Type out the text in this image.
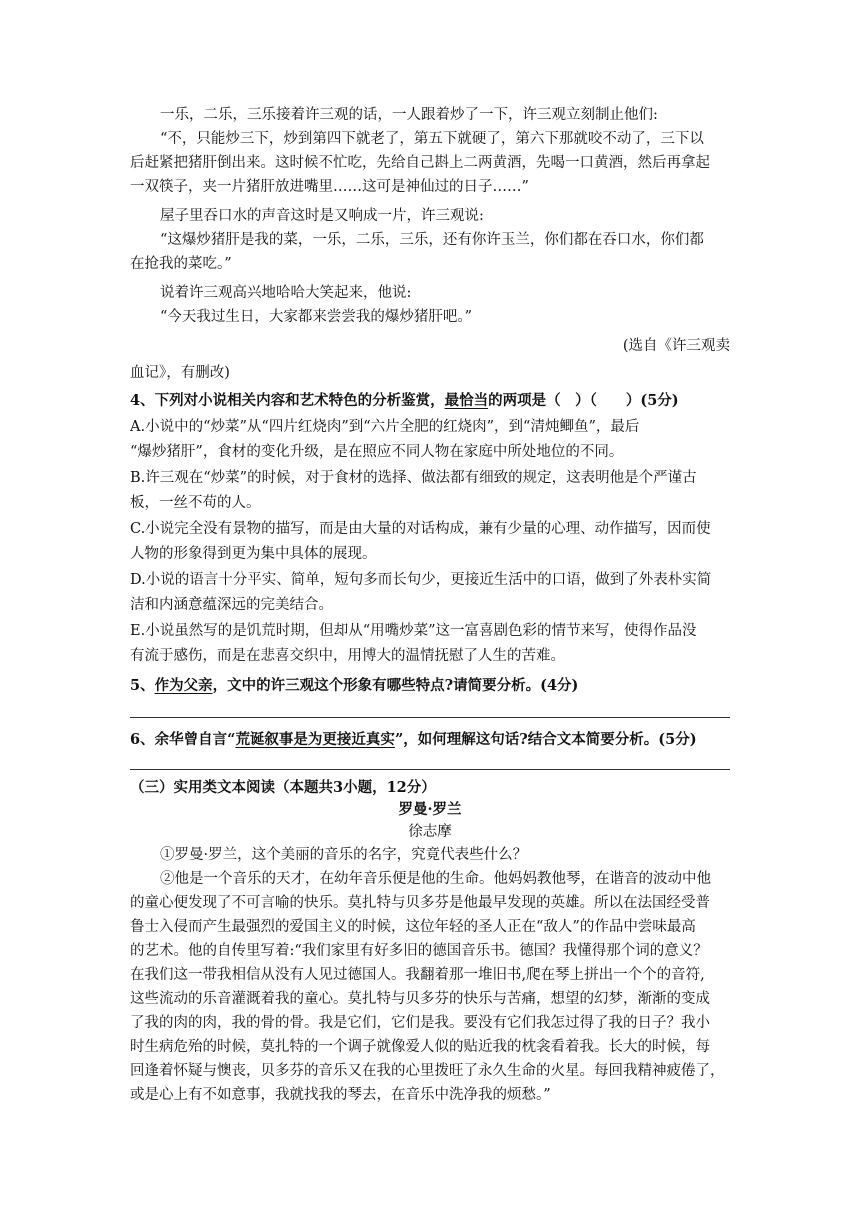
一乐，二乐，三乐接着许三观的话，一人跟着炒了一下，许三观立刻制止他们:
“不，只能炒三下，炒到第四下就老了，第五下就硬了，第六下那就咬不动了，三下以
后赶紧把猪肝倒出来。这时候不忙吃，先给自己斟上二两黄酒，先喝一口黄酒，然后再拿起
一双筷子，夹一片猪肝放进嘴里……这可是神仙过的日子……”
屋子里吞口水的声音这时是又响成一片，许三观说:
“这爆炒猪肝是我的菜，一乐，二乐，三乐，还有你许玉兰，你们都在吞口水，你们都
在抢我的菜吃。”
说着许三观高兴地哈哈大笑起来，他说:
“今天我过生日，大家都来尝尝我的爆炒猪肝吧。”
(选自《许三观卖
血记》，有删改)
4、下列对小说相关内容和艺术特色的分析鉴赏，最恰当的两项是（　）（　　）(5分)
A.小说中的“炒菜”从“四片红烧肉”到“六片全肥的红烧肉”，到“清炖鲫鱼”，最后
“爆炒猪肝”，食材的变化升级，是在照应不同人物在家庭中所处地位的不同。
B.许三观在“炒菜”的时候，对于食材的选择、做法都有细致的规定，这表明他是个严谨古
板，一丝不苟的人。
C.小说完全没有景物的描写，而是由大量的对话构成，兼有少量的心理、动作描写，因而使
人物的形象得到更为集中具体的展现。
D.小说的语言十分平实、简单，短句多而长句少，更接近生活中的口语，做到了外表朴实简
洁和内涵意蕴深远的完美结合。
E.小说虽然写的是饥荒时期，但却从“用嘴炒菜”这一富喜剧色彩的情节来写，使得作品没
有流于感伤，而是在悲喜交织中，用博大的温情抚慰了人生的苦难。
5、作为父亲，文中的许三观这个形象有哪些特点?请简要分析。(4分)
6、余华曾自言“荒诞叙事是为更接近真实”，如何理解这句话?结合文本简要分析。(5分)
（三）实用类文本阅读（本题共3小题，12分）
罗曼·罗兰
徐志摩
①罗曼·罗兰，这个美丽的音乐的名字，究竟代表些什么？
②他是一个音乐的天才，在幼年音乐便是他的生命。他妈妈教他琴，在谐音的波动中他
的童心便发现了不可言喻的快乐。莫扎特与贝多芬是他最早发现的英雄。所以在法国经受普
鲁士入侵而产生最强烈的爱国主义的时候，这位年轻的圣人正在“敌人”的作品中尝味最高
的艺术。他的自传里写着:“我们家里有好多旧的德国音乐书。德国？我懂得那个词的意义？
在我们这一带我相信从没有人见过德国人。我翻着那一堆旧书,爬在琴上拼出一个个的音符,
这些流动的乐音灌溉着我的童心。莫扎特与贝多芬的快乐与苦痛，想望的幻梦，渐渐的变成
了我的肉的肉，我的骨的骨。我是它们，它们是我。要没有它们我怎过得了我的日子？我小
时生病危殆的时候，莫扎特的一个调子就像爱人似的贴近我的枕衾看着我。长大的时候，每
回逢着怀疑与懊丧，贝多芬的音乐又在我的心里拨旺了永久生命的火星。每回我精神疲倦了，
或是心上有不如意事，我就找我的琴去，在音乐中洗净我的烦愁。”
